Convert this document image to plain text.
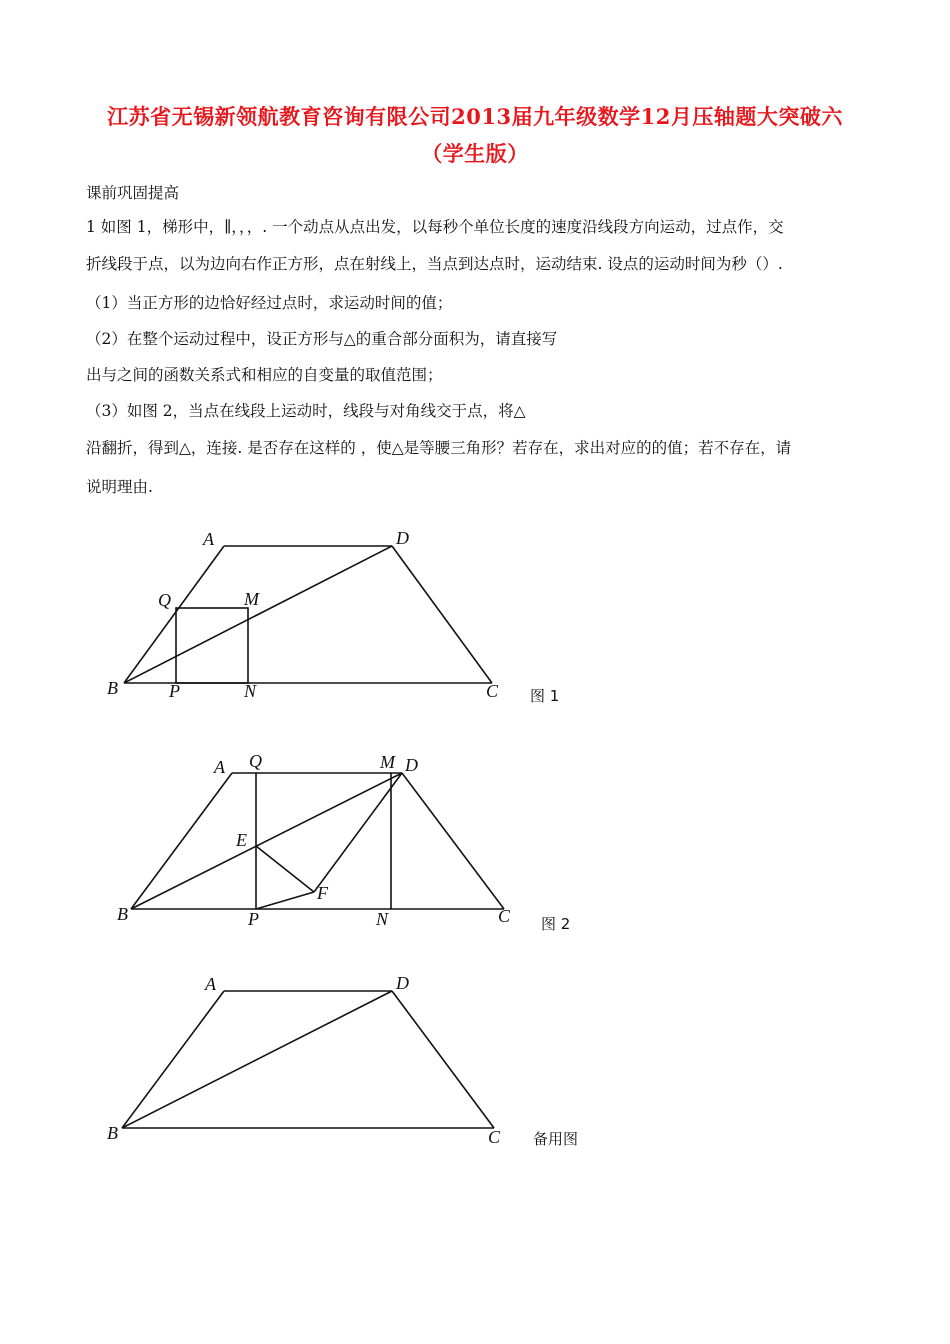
江苏省无锡新领航教育咨询有限公司2013届九年级数学12月压轴题大突破六
（学生版）
课前巩固提高
1 如图 1，梯形中，∥，，，. 一个动点从点出发，以每秒个单位长度的速度沿线段方向运动，过点作，交
折线段于点，以为边向右作正方形，点在射线上，当点到达点时，运动结束. 设点的运动时间为秒（）.
（1）当正方形的边恰好经过点时，求运动时间的值；
（2）在整个运动过程中，设正方形与△的重合部分面积为，请直接写
出与之间的函数关系式和相应的自变量的取值范围；
（3）如图 2，当点在线段上运动时，线段与对角线交于点，将△
沿翻折，得到△，连接. 是否存在这样的 ，使△是等腰三角形？若存在，求出对应的的值；若不存在，请
说明理由.
A	D
Q	M
B	P	N	C 图 1
A Q	M D
E
F
B	P	N	C 图 2
A	D
B	C 备用图
